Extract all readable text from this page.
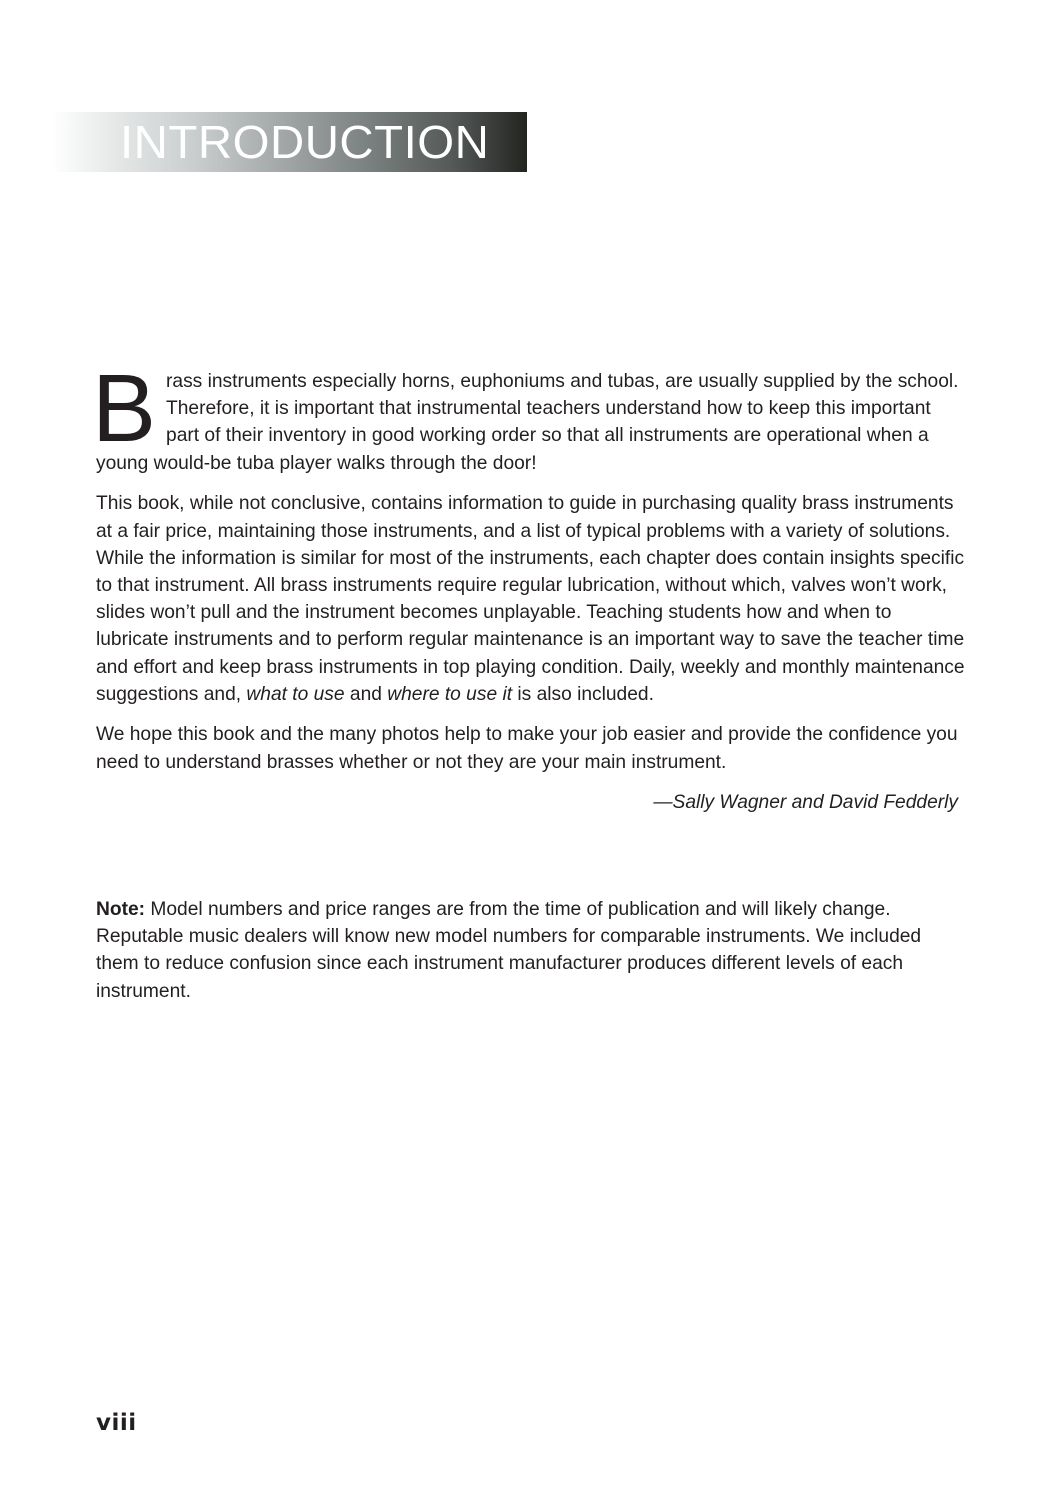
INTRODUCTION

Brass instruments especially horns, euphoniums and tubas, are usually supplied by the school. Therefore, it is important that instrumental teachers understand how to keep this important part of their inventory in good working order so that all instruments are operational when a young would-be tuba player walks through the door!

This book, while not conclusive, contains information to guide in purchasing quality brass instruments at a fair price, maintaining those instruments, and a list of typical problems with a variety of solutions. While the information is similar for most of the instruments, each chapter does contain insights specific to that instrument. All brass instruments require regular lubrication, without which, valves won’t work, slides won’t pull and the instrument becomes unplayable. Teaching students how and when to lubricate instruments and to perform regular maintenance is an important way to save the teacher time and effort and keep brass instruments in top playing condition. Daily, weekly and monthly maintenance suggestions and, what to use and where to use it is also included.

We hope this book and the many photos help to make your job easier and provide the confidence you need to understand brasses whether or not they are your main instrument.

—Sally Wagner and David Fedderly

Note: Model numbers and price ranges are from the time of publication and will likely change. Reputable music dealers will know new model numbers for comparable instruments. We included them to reduce confusion since each instrument manufacturer produces different levels of each instrument.

viii
